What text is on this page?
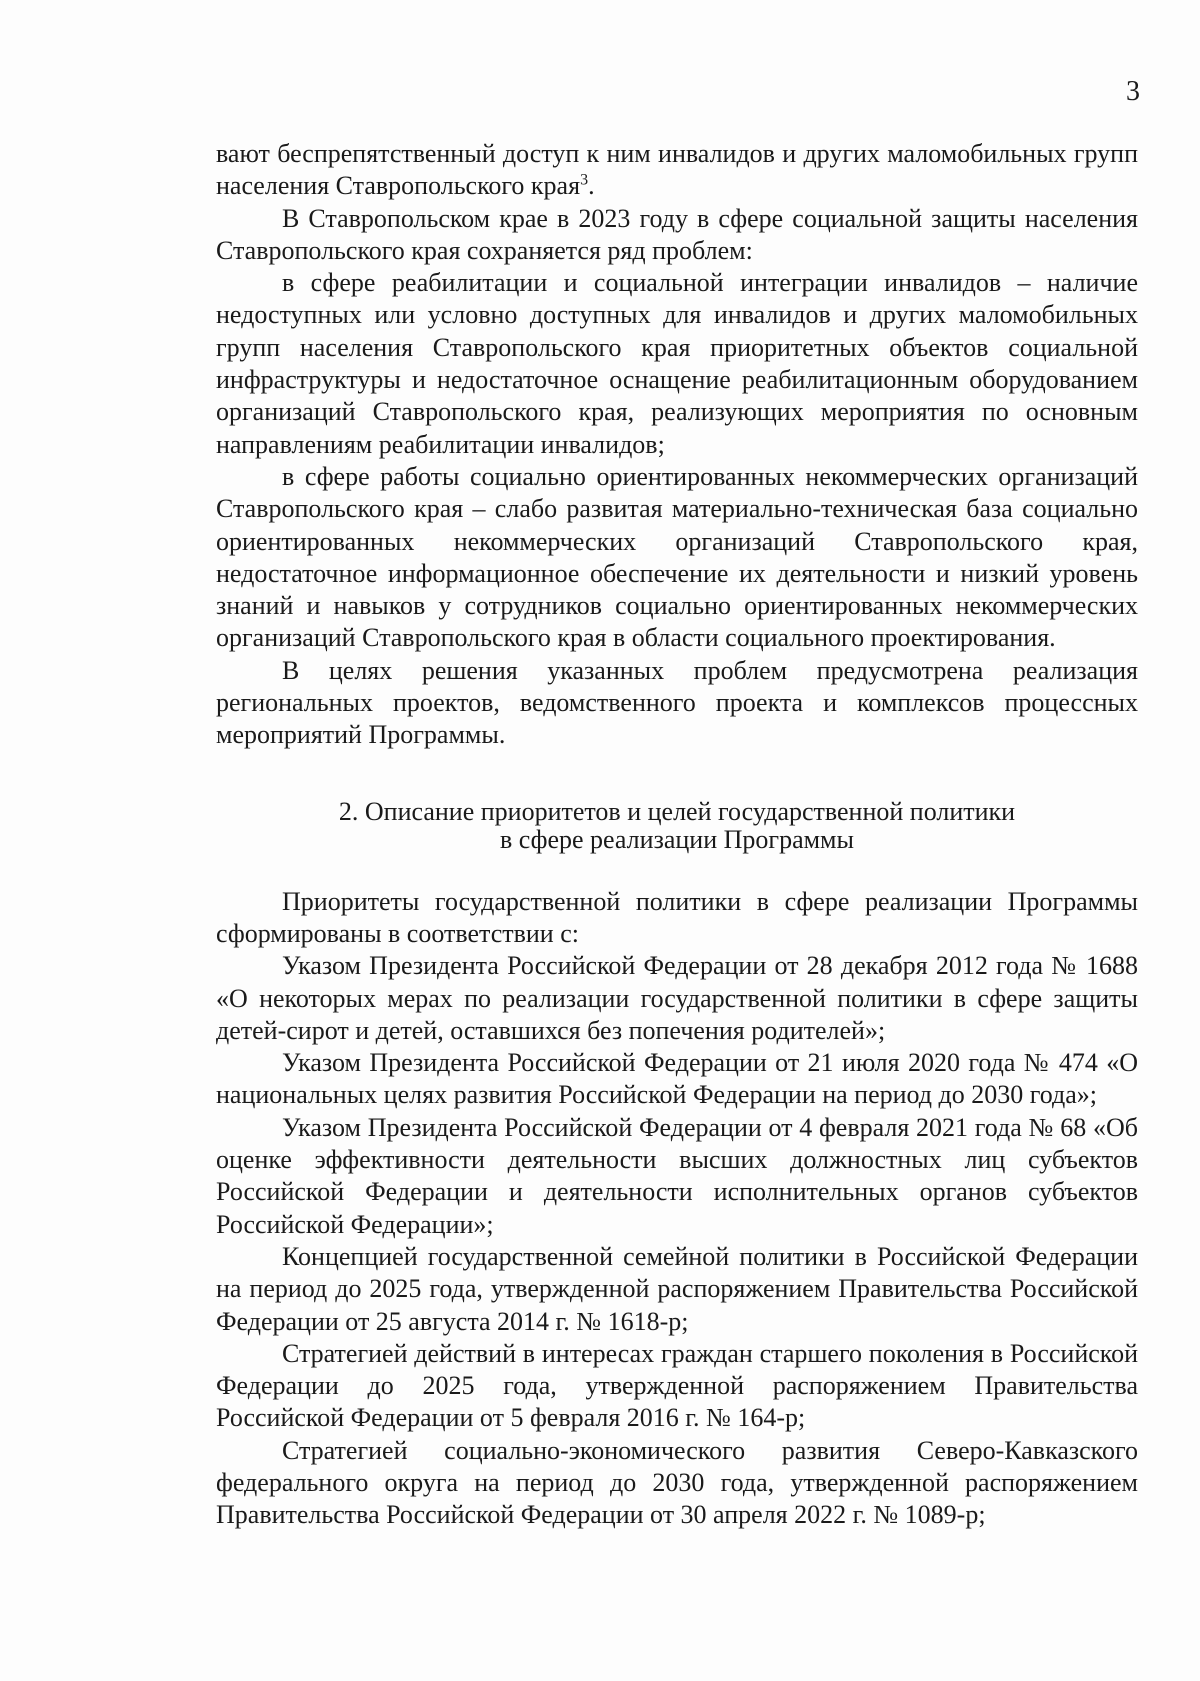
3

вают беспрепятственный доступ к ним инвалидов и других маломобильных групп населения Ставропольского края$^3$.

В Ставропольском крае в 2023 году в сфере социальной защиты населения Ставропольского края сохраняется ряд проблем:

в сфере реабилитации и социальной интеграции инвалидов – наличие недоступных или условно доступных для инвалидов и других маломобильных групп населения Ставропольского края приоритетных объектов социальной инфраструктуры и недостаточное оснащение реабилитационным оборудованием организаций Ставропольского края, реализующих мероприятия по основным направлениям реабилитации инвалидов;

в сфере работы социально ориентированных некоммерческих организаций Ставропольского края – слабо развитая материально-техническая база социально ориентированных некоммерческих организаций Ставропольского края, недостаточное информационное обеспечение их деятельности и низкий уровень знаний и навыков у сотрудников социально ориентированных некоммерческих организаций Ставропольского края в области социального проектирования.

В целях решения указанных проблем предусмотрена реализация региональных проектов, ведомственного проекта и комплексов процессных мероприятий Программы.

2. Описание приоритетов и целей государственной политики
в сфере реализации Программы

Приоритеты государственной политики в сфере реализации Программы сформированы в соответствии с:

Указом Президента Российской Федерации от 28 декабря 2012 года № 1688 «О некоторых мерах по реализации государственной политики в сфере защиты детей-сирот и детей, оставшихся без попечения родителей»;

Указом Президента Российской Федерации от 21 июля 2020 года № 474 «О национальных целях развития Российской Федерации на период до 2030 года»;

Указом Президента Российской Федерации от 4 февраля 2021 года № 68 «Об оценке эффективности деятельности высших должностных лиц субъектов Российской Федерации и деятельности исполнительных органов субъектов Российской Федерации»;

Концепцией государственной семейной политики в Российской Федерации на период до 2025 года, утвержденной распоряжением Правительства Российской Федерации от 25 августа 2014 г. № 1618-р;

Стратегией действий в интересах граждан старшего поколения в Российской Федерации до 2025 года, утвержденной распоряжением Правительства Российской Федерации от 5 февраля 2016 г. № 164-р;

Стратегией социально-экономического развития Северо-Кавказского федерального округа на период до 2030 года, утвержденной распоряжением Правительства Российской Федерации от 30 апреля 2022 г. № 1089-р;
